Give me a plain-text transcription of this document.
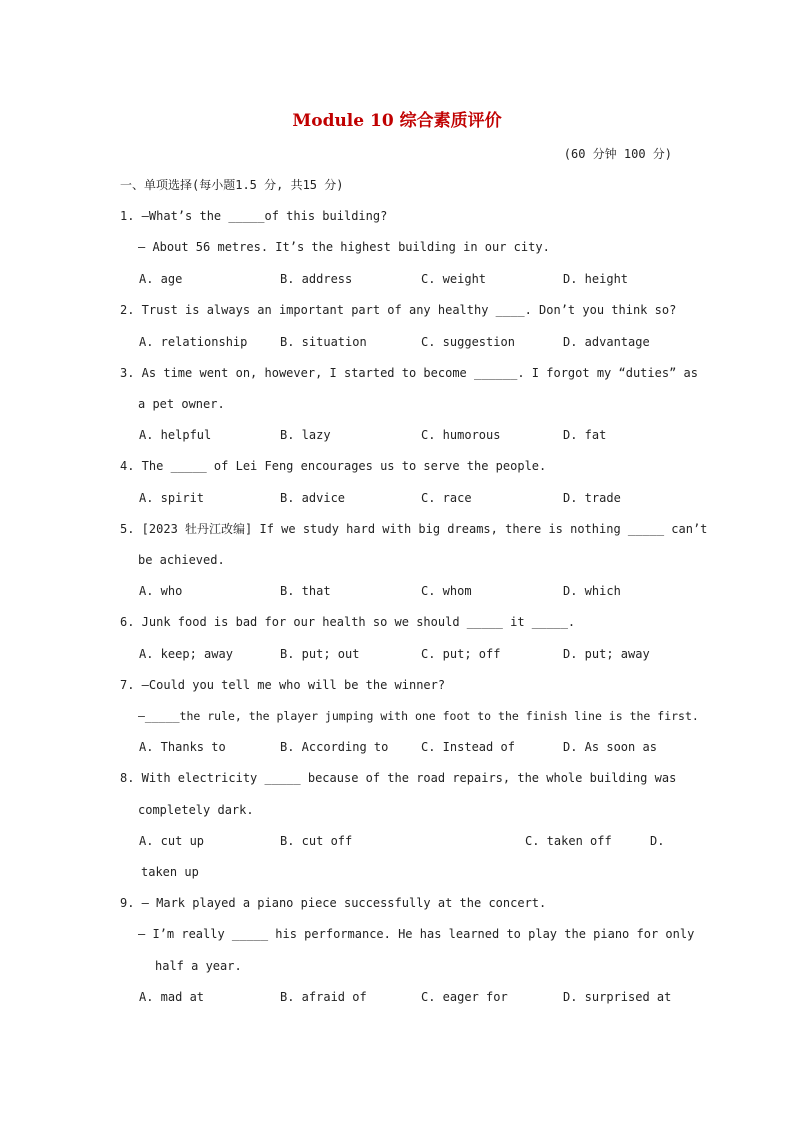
Module 10 综合素质评价
(60 分钟 100 分)
一、单项选择(每小题1.5 分, 共15 分)
1. —What’s the _____of this building?
— About 56 metres. It’s the highest building in our city.
A. age	B. address	C. weight	D. height
2. Trust is always an important part of any healthy ____. Don’t you think so?
A. relationship	B. situation	C. suggestion	D. advantage
3. As time went on, however, I started to become ______. I forgot my “duties” as
a pet owner.
A. helpful	B. lazy	C. humorous	D. fat
4. The _____ of Lei Feng encourages us to serve the people.
A. spirit	B. advice	C. race	D. trade
5. [2023 牡丹江改编] If we study hard with big dreams, there is nothing _____ can’t
be achieved.
A. who	B. that	C. whom	D. which
6. Junk food is bad for our health so we should _____ it _____.
A. keep; away	B. put; out	C. put; off	D. put; away
7. —Could you tell me who will be the winner?
—_____the rule, the player jumping with one foot to the finish line is the first.
A. Thanks to	B. According to	C. Instead of	D. As soon as
8. With electricity _____ because of the road repairs, the whole building was
completely dark.
A. cut up	B. cut off	C. taken off	D.
taken up
9. — Mark played a piano piece successfully at the concert.
— I’m really _____ his performance. He has learned to play the piano for only
half a year.
A. mad at	B. afraid of	C. eager for	D. surprised at
